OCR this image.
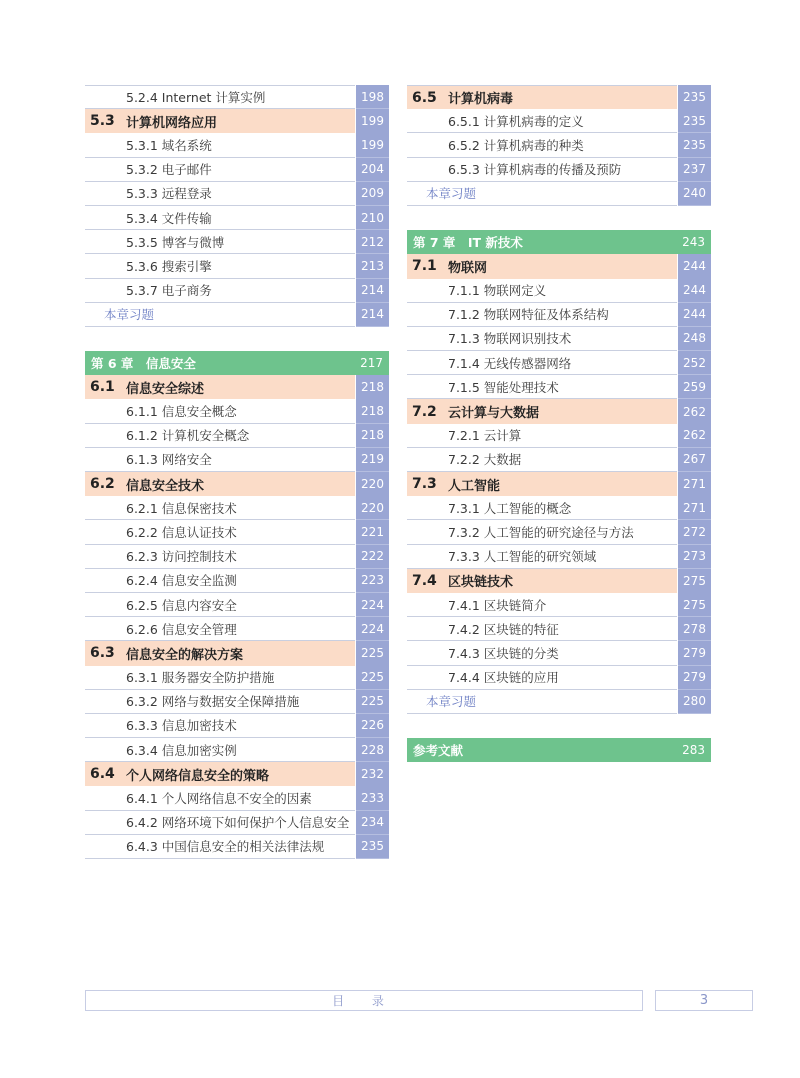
5.2.4 Internet 计算实例	198
5.3 计算机网络应用	199
5.3.1 域名系统	199
5.3.2 电子邮件	204
5.3.3 远程登录	209
5.3.4 文件传输	210
5.3.5 博客与微博	212
5.3.6 搜索引擎	213
5.3.7 电子商务	214
本章习题	214
第 6 章　信息安全	217
6.1 信息安全综述	218
6.1.1 信息安全概念	218
6.1.2 计算机安全概念	218
6.1.3 网络安全	219
6.2 信息安全技术	220
6.2.1 信息保密技术	220
6.2.2 信息认证技术	221
6.2.3 访问控制技术	222
6.2.4 信息安全监测	223
6.2.5 信息内容安全	224
6.2.6 信息安全管理	224
6.3 信息安全的解决方案	225
6.3.1 服务器安全防护措施	225
6.3.2 网络与数据安全保障措施	225
6.3.3 信息加密技术	226
6.3.4 信息加密实例	228
6.4 个人网络信息安全的策略	232
6.4.1 个人网络信息不安全的因素	233
6.4.2 网络环境下如何保护个人信息安全 234
6.4.3 中国信息安全的相关法律法规	235
6.5 计算机病毒	235
6.5.1 计算机病毒的定义	235
6.5.2 计算机病毒的种类	235
6.5.3 计算机病毒的传播及预防	237
本章习题	240
第 7 章　IT 新技术	243
7.1 物联网	244
7.1.1 物联网定义	244
7.1.2 物联网特征及体系结构	244
7.1.3 物联网识别技术	248
7.1.4 无线传感器网络	252
7.1.5 智能处理技术	259
7.2 云计算与大数据	262
7.2.1 云计算	262
7.2.2 大数据	267
7.3 人工智能	271
7.3.1 人工智能的概念	271
7.3.2 人工智能的研究途径与方法	272
7.3.3 人工智能的研究领域	273
7.4 区块链技术	275
7.4.1 区块链简介	275
7.4.2 区块链的特征	278
7.4.3 区块链的分类	279
7.4.4 区块链的应用	279
本章习题	280
参考文献	283
目 录	3
